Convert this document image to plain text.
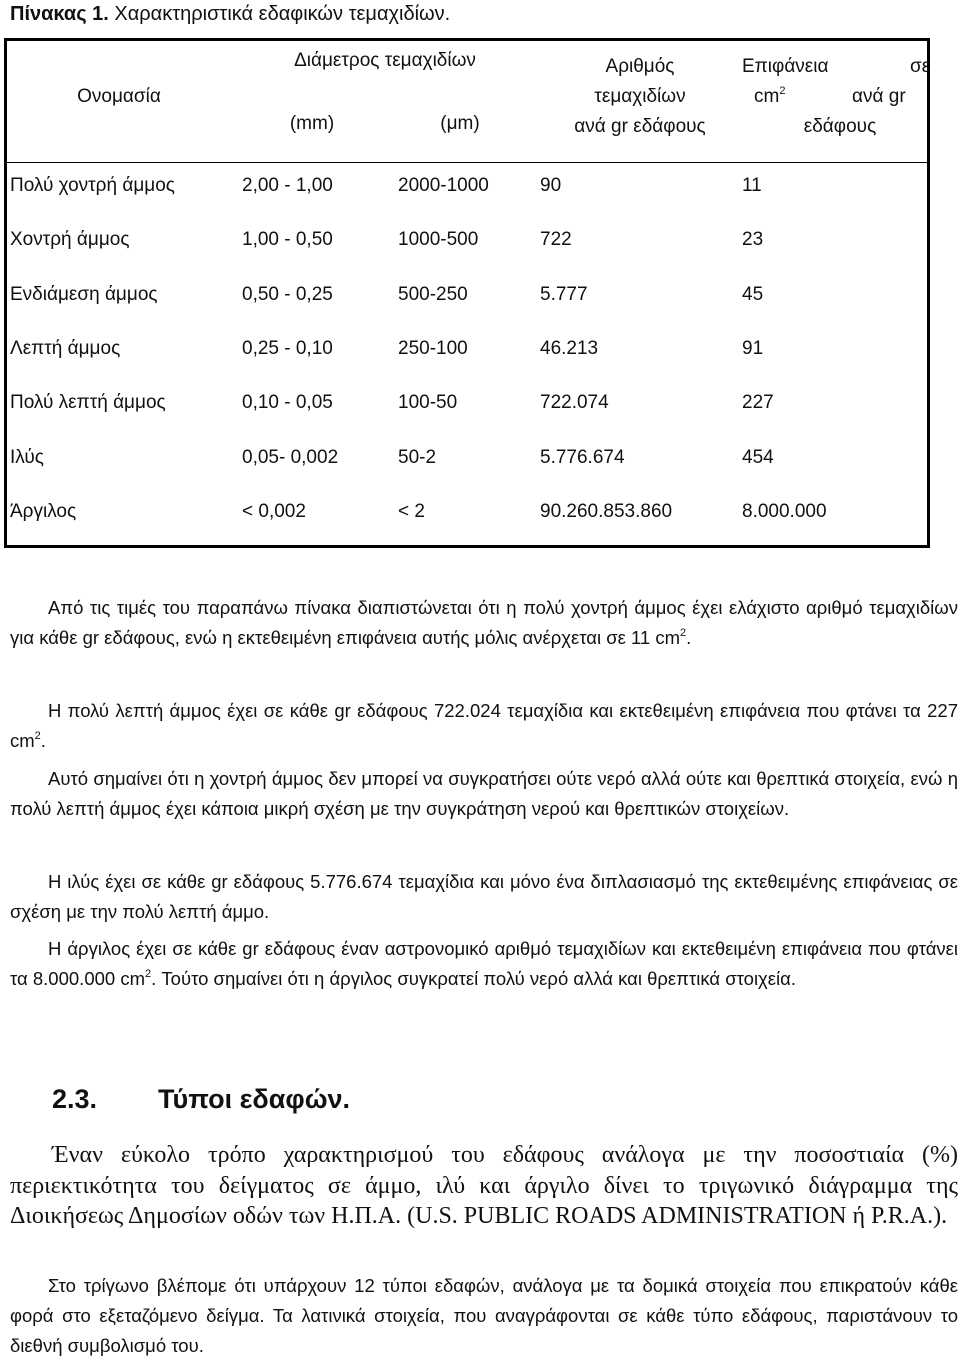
Πίνακας 1. Χαρακτηριστικά εδαφικών τεμαχιδίων.
Ονομασία
Διάμετρος τεμαχιδίων
(mm)	(μm)
Αριθμός
τεμαχιδίων
ανά gr εδάφους
Επιφάνεια	σε
$cm^2$	ανά gr
εδάφους
Πολύ χοντρή άμμος	2,00 - 1,00	2000-1000	90	11
Χοντρή άμμος	1,00 - 0,50	1000-500	722	23
Ενδιάμεση άμμος	0,50 - 0,25	500-250	5.777	45
Λεπτή άμμος	0,25 - 0,10	250-100	46.213	91
Πολύ λεπτή άμμος	0,10 - 0,05	100-50	722.074	227
Ιλύς	0,05- 0,002	50-2	5.776.674	454
Άργιλος	< 0,002	< 2	90.260.853.860	8.000.000
Από τις τιμές του παραπάνω πίνακα διαπιστώνεται ότι η πολύ χοντρή άμμος έχει ελάχιστο αριθμό τεμαχιδίων για κάθε gr εδάφους, ενώ η εκτεθειμένη επιφάνεια αυτής μόλις ανέρχεται σε 11 $cm^2$.
Η πολύ λεπτή άμμος έχει σε κάθε gr εδάφους 722.024 τεμαχίδια και εκτεθειμένη επιφάνεια που φτάνει τα 227 $cm^2$.
Αυτό σημαίνει ότι η χοντρή άμμος δεν μπορεί να συγκρατήσει ούτε νερό αλλά ούτε και θρεπτικά στοιχεία, ενώ η πολύ λεπτή άμμος έχει κάποια μικρή σχέση με την συγκράτηση νερού και θρεπτικών στοιχείων.
Η ιλύς έχει σε κάθε gr εδάφους 5.776.674 τεμαχίδια και μόνο ένα διπλασιασμό της εκτεθειμένης επιφάνειας σε σχέση με την πολύ λεπτή άμμο.
Η άργιλος έχει σε κάθε gr εδάφους έναν αστρονομικό αριθμό τεμαχιδίων και εκτεθειμένη επιφάνεια που φτάνει τα 8.000.000 $cm^2$. Τούτο σημαίνει ότι η άργιλος συγκρατεί πολύ νερό αλλά και θρεπτικά στοιχεία.
2.3. Τύποι εδαφών.
Έναν εύκολο τρόπο χαρακτηρισμού του εδάφους ανάλογα με την ποσοστιαία (%) περιεκτικότητα του δείγματος σε άμμο, ιλύ και άργιλο δίνει το τριγωνικό διάγραμμα της Διοικήσεως Δημοσίων οδών των Η.Π.Α. (U.S. PUBLIC ROADS ADMINISTRATION ή P.R.A.).
Στο τρίγωνο βλέπομε ότι υπάρχουν 12 τύποι εδαφών, ανάλογα με τα δομικά στοιχεία που επικρατούν κάθε φορά στο εξεταζόμενο δείγμα. Τα λατινικά στοιχεία, που αναγράφονται σε κάθε τύπο εδάφους, παριστάνουν το διεθνή συμβολισμό του.
